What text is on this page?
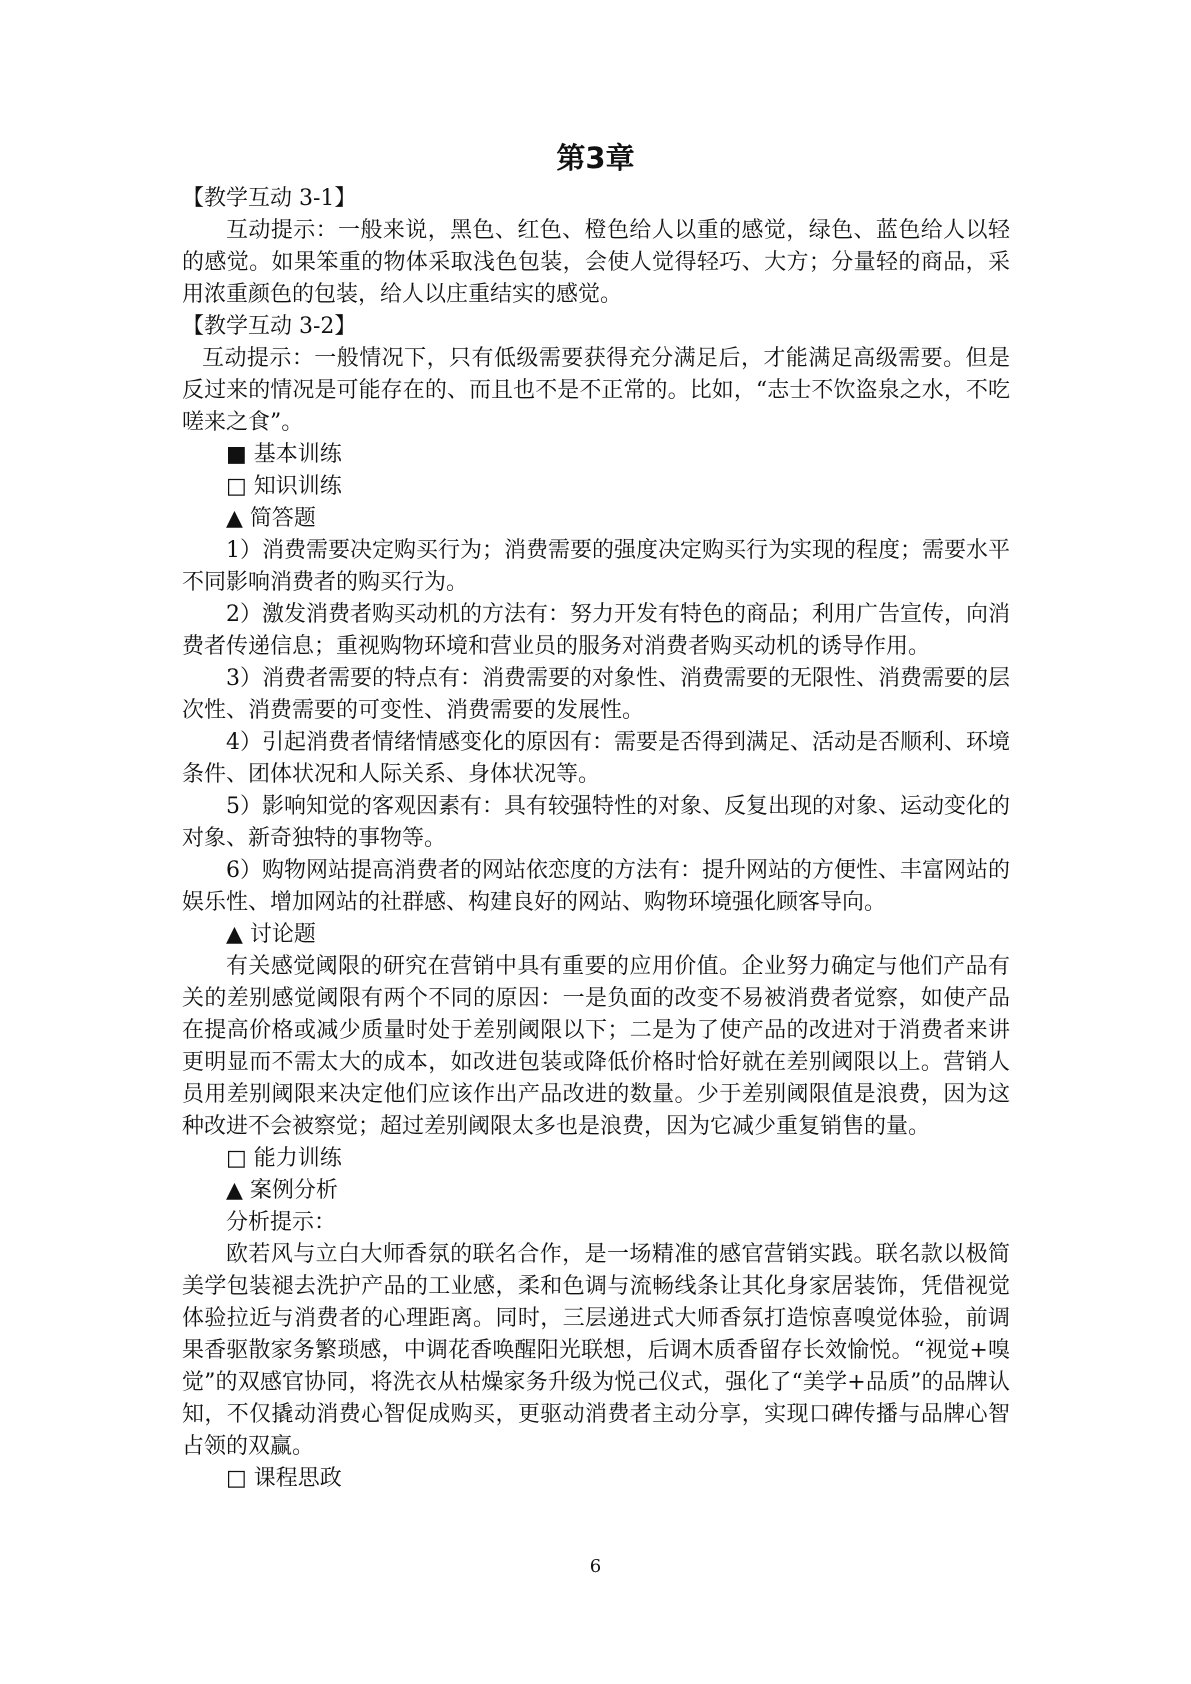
第3章

【教学互动 3-1】

互动提示：一般来说，黑色、红色、橙色给人以重的感觉，绿色、蓝色给人以轻的感觉。如果笨重的物体采取浅色包装，会使人觉得轻巧、大方；分量轻的商品，采用浓重颜色的包装，给人以庄重结实的感觉。

【教学互动 3-2】

互动提示：一般情况下，只有低级需要获得充分满足后，才能满足高级需要。但是反过来的情况是可能存在的、而且也不是不正常的。比如，“志士不饮盗泉之水，不吃嗟来之食”。

■ 基本训练

□ 知识训练

▲ 简答题

1）消费需要决定购买行为；消费需要的强度决定购买行为实现的程度；需要水平不同影响消费者的购买行为。

2）激发消费者购买动机的方法有：努力开发有特色的商品；利用广告宣传，向消费者传递信息；重视购物环境和营业员的服务对消费者购买动机的诱导作用。

3）消费者需要的特点有：消费需要的对象性、消费需要的无限性、消费需要的层次性、消费需要的可变性、消费需要的发展性。

4）引起消费者情绪情感变化的原因有：需要是否得到满足、活动是否顺利、环境条件、团体状况和人际关系、身体状况等。

5）影响知觉的客观因素有：具有较强特性的对象、反复出现的对象、运动变化的对象、新奇独特的事物等。

6）购物网站提高消费者的网站依恋度的方法有：提升网站的方便性、丰富网站的娱乐性、增加网站的社群感、构建良好的网站、购物环境强化顾客导向。

▲ 讨论题

有关感觉阈限的研究在营销中具有重要的应用价值。企业努力确定与他们产品有关的差别感觉阈限有两个不同的原因：一是负面的改变不易被消费者觉察，如使产品在提高价格或减少质量时处于差别阈限以下；二是为了使产品的改进对于消费者来讲更明显而不需太大的成本，如改进包装或降低价格时恰好就在差别阈限以上。营销人员用差别阈限来决定他们应该作出产品改进的数量。少于差别阈限值是浪费，因为这种改进不会被察觉；超过差别阈限太多也是浪费，因为它减少重复销售的量。

□ 能力训练

▲ 案例分析

分析提示：

欧若风与立白大师香氛的联名合作，是一场精准的感官营销实践。联名款以极简美学包装褪去洗护产品的工业感，柔和色调与流畅线条让其化身家居装饰，凭借视觉体验拉近与消费者的心理距离。同时，三层递进式大师香氛打造惊喜嗅觉体验，前调果香驱散家务繁琐感，中调花香唤醒阳光联想，后调木质香留存长效愉悦。“视觉+嗅觉”的双感官协同，将洗衣从枯燥家务升级为悦己仪式，强化了“美学+品质”的品牌认知，不仅撬动消费心智促成购买，更驱动消费者主动分享，实现口碑传播与品牌心智占领的双赢。

□ 课程思政

6
